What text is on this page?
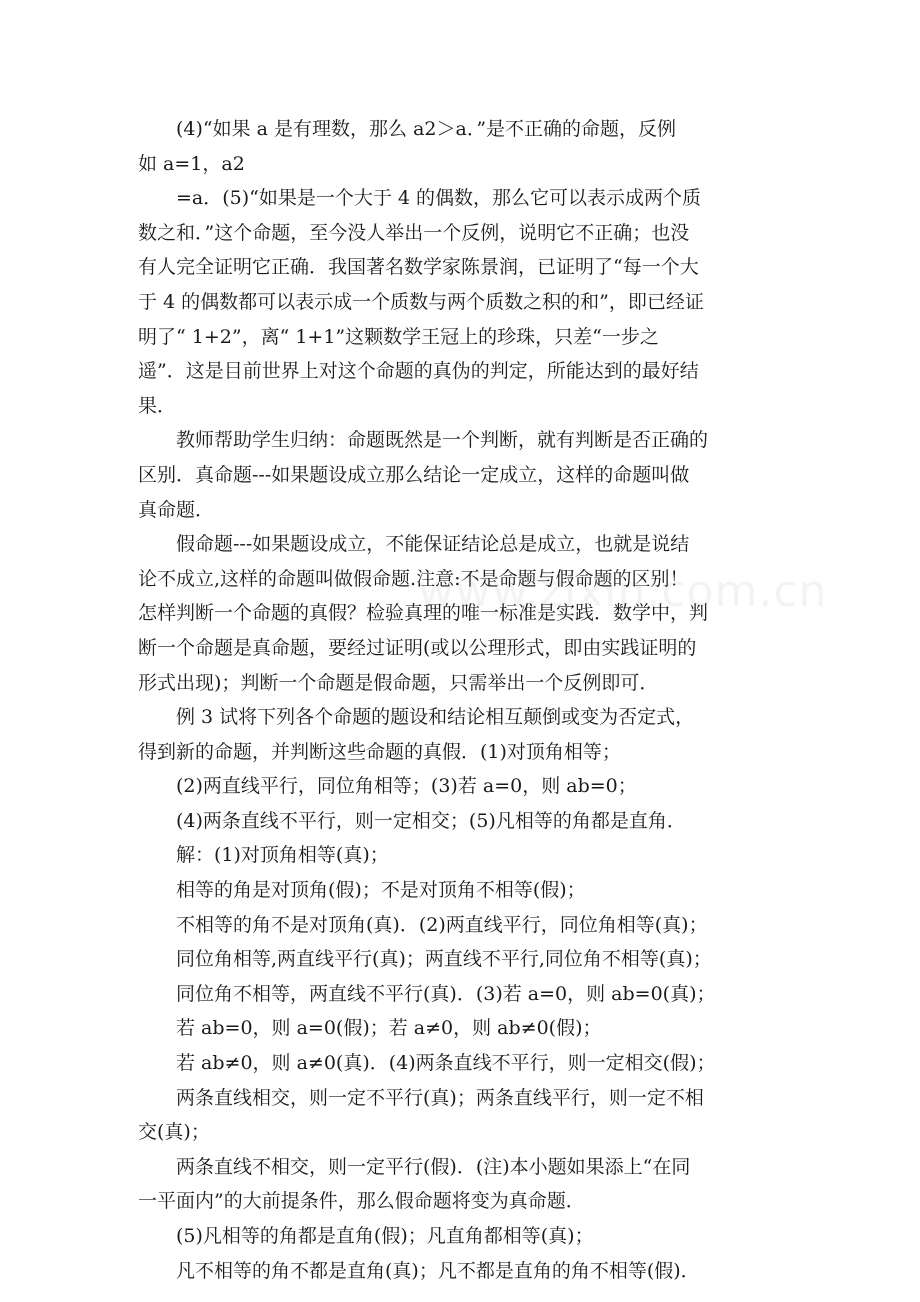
　　(4)“如果 a 是有理数，那么 a2＞a．”是不正确的命题，反例
如 a=1，a2
　　=a．(5)“如果是一个大于 4 的偶数，那么它可以表示成两个质
数之和．”这个命题，至今没人举出一个反例，说明它不正确；也没
有人完全证明它正确．我国著名数学家陈景润，已证明了“每一个大
于 4 的偶数都可以表示成一个质数与两个质数之积的和”，即已经证
明了“ 1+2”，离“ 1+1”这颗数学王冠上的珍珠，只差“一步之
遥”．这是目前世界上对这个命题的真伪的判定，所能达到的最好结
果．
　　教师帮助学生归纳：命题既然是一个判断，就有判断是否正确的
区别．真命题---如果题设成立那么结论一定成立，这样的命题叫做
真命题．
　　假命题---如果题设成立，不能保证结论总是成立，也就是说结
论不成立,这样的命题叫做假命题.注意:不是命题与假命题的区别！
怎样判断一个命题的真假？检验真理的唯一标准是实践．数学中，判
断一个命题是真命题，要经过证明(或以公理形式，即由实践证明的
形式出现)；判断一个命题是假命题，只需举出一个反例即可．
　　例 3 试将下列各个命题的题设和结论相互颠倒或变为否定式，
得到新的命题，并判断这些命题的真假．(1)对顶角相等；
　　(2)两直线平行，同位角相等；(3)若 a=0，则 ab=0；
　　(4)两条直线不平行，则一定相交；(5)凡相等的角都是直角．
　　解：(1)对顶角相等(真)；
　　相等的角是对顶角(假)；不是对顶角不相等(假)；
　　不相等的角不是对顶角(真)．(2)两直线平行，同位角相等(真)；
　　同位角相等,两直线平行(真)；两直线不平行,同位角不相等(真)；
　　同位角不相等，两直线不平行(真)．(3)若 a=0，则 ab=0(真)；
　　若 ab=0，则 a=0(假)；若 a≠0，则 ab≠0(假)；
　　若 ab≠0，则 a≠0(真)．(4)两条直线不平行，则一定相交(假)；
　　两条直线相交，则一定不平行(真)；两条直线平行，则一定不相
交(真)；
　　两条直线不相交，则一定平行(假)．(注)本小题如果添上“在同
一平面内”的大前提条件，那么假命题将变为真命题．
　　(5)凡相等的角都是直角(假)；凡直角都相等(真)；
　　凡不相等的角不都是直角(真)；凡不都是直角的角不相等(假)．
